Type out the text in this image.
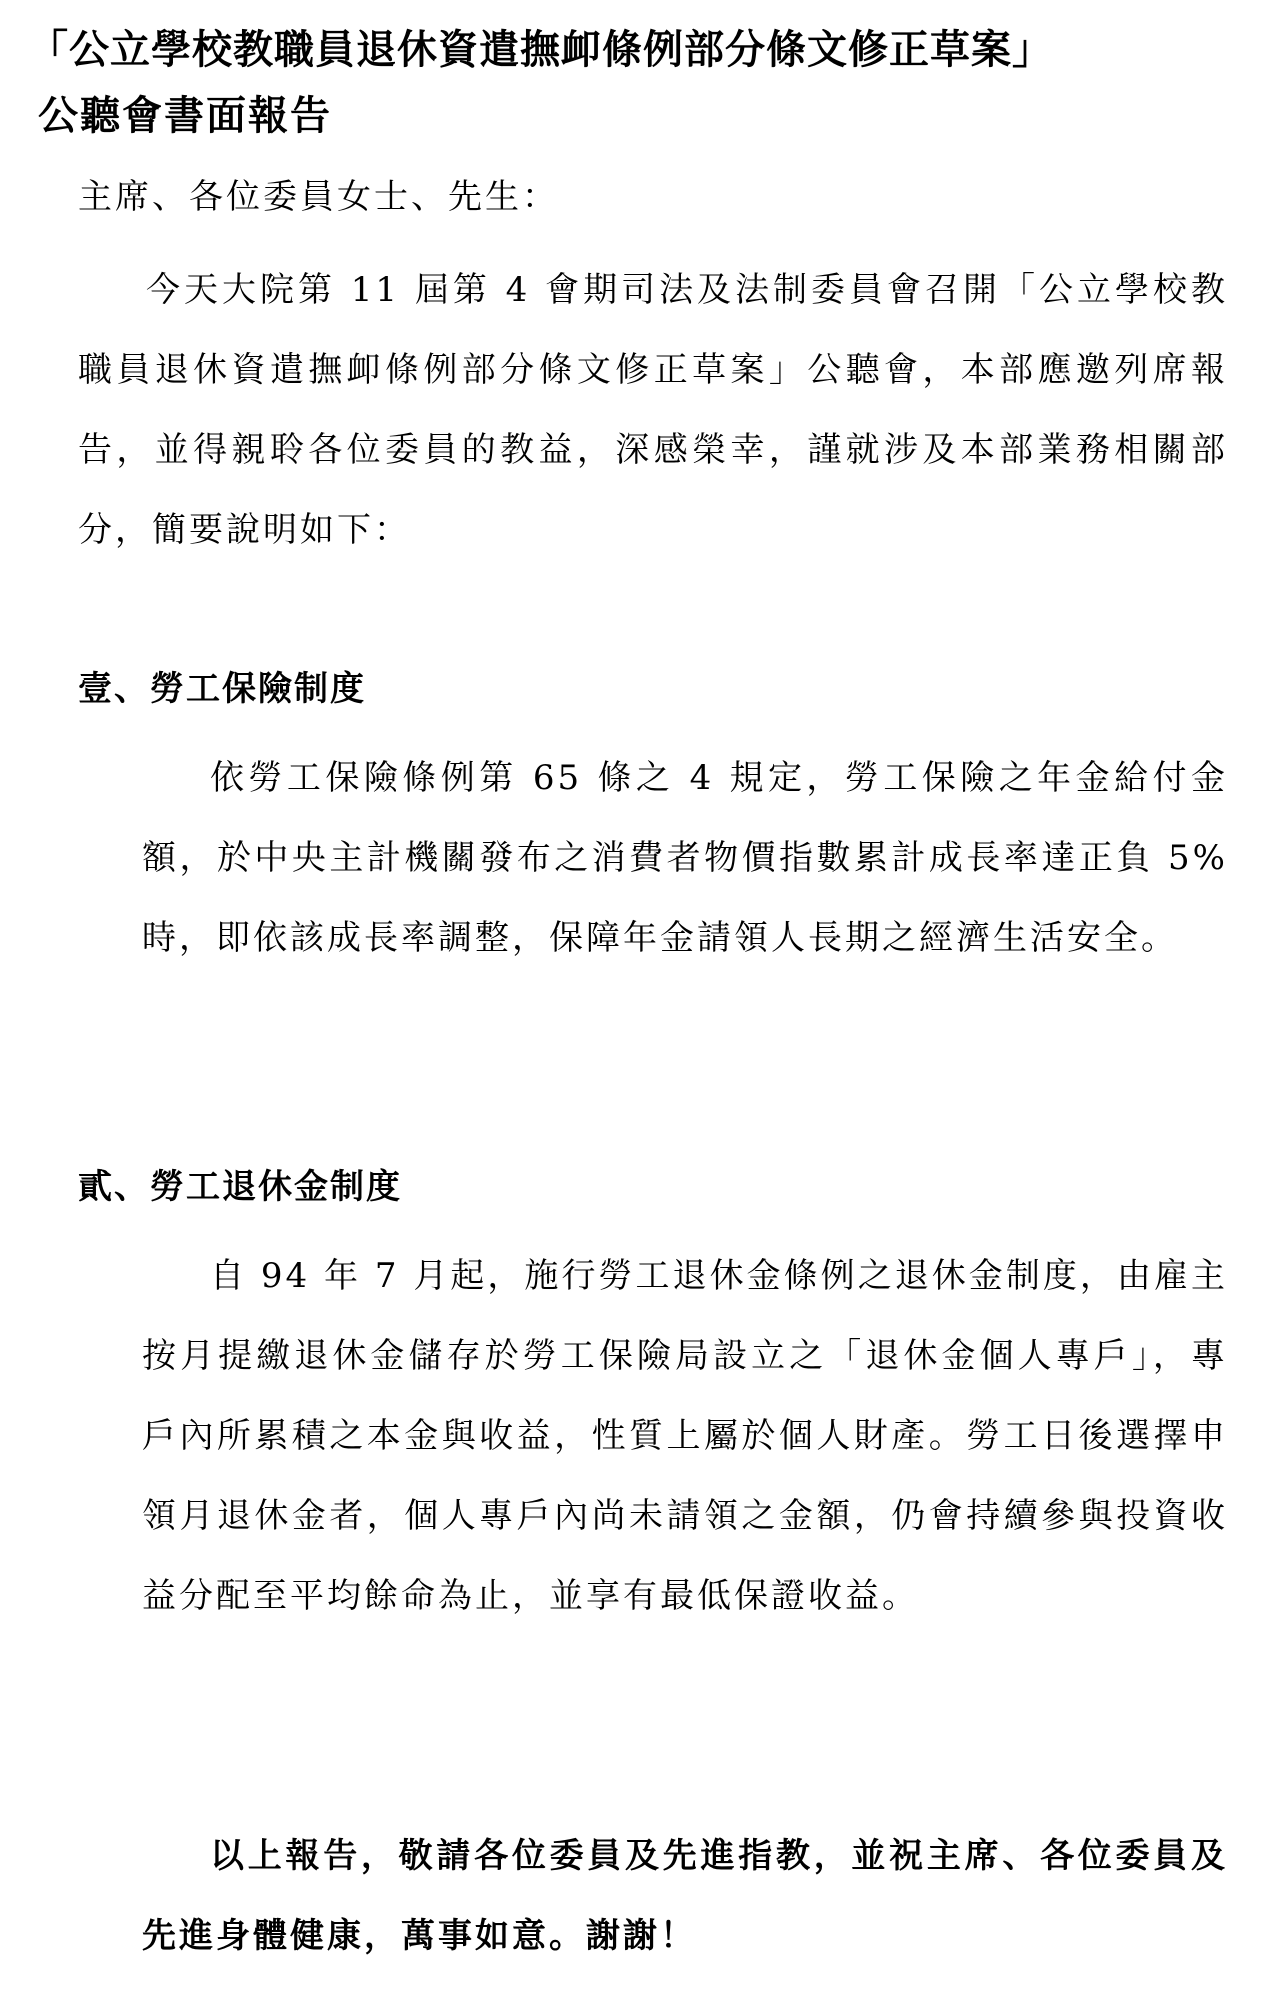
「公立學校教職員退休資遣撫卹條例部分條文修正草案」
公聽會書面報告
主席、各位委員女士、先生：
今天大院第 11 屆第 4 會期司法及法制委員會召開「公立學校教職員退休資遣撫卹條例部分條文修正草案」公聽會，本部應邀列席報告，並得親聆各位委員的教益，深感榮幸，謹就涉及本部業務相關部分，簡要說明如下：
壹、勞工保險制度
依勞工保險條例第 65 條之 4 規定，勞工保險之年金給付金額，於中央主計機關發布之消費者物價指數累計成長率達正負 5%時，即依該成長率調整，保障年金請領人長期之經濟生活安全。
貳、勞工退休金制度
自 94 年 7 月起，施行勞工退休金條例之退休金制度，由雇主按月提繳退休金儲存於勞工保險局設立之「退休金個人專戶」，專戶內所累積之本金與收益，性質上屬於個人財產。勞工日後選擇申領月退休金者，個人專戶內尚未請領之金額，仍會持續參與投資收益分配至平均餘命為止，並享有最低保證收益。
以上報告，敬請各位委員及先進指教，並祝主席、各位委員及先進身體健康，萬事如意。謝謝！
